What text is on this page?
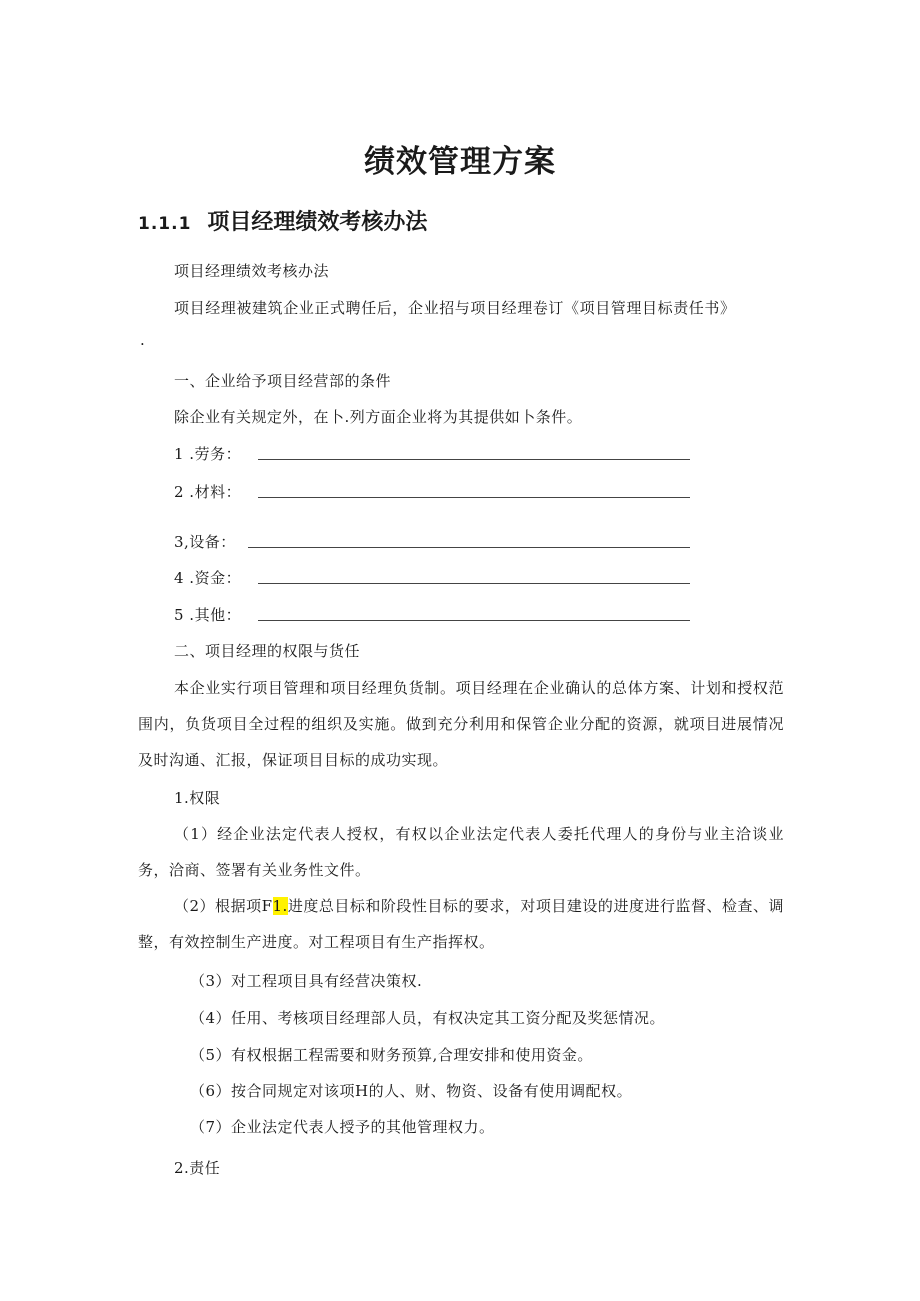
绩效管理方案
1.1.1 项目经理绩效考核办法
项目经理绩效考核办法
项目经理被建筑企业正式聘任后，企业招与项目经理卷订《项目管理目标责任书》
.
一、企业给予项目经营部的条件
除企业有关规定外，在卜.列方面企业将为其提供如卜条件。
1 .劳务：
2 .材料：
3,设备：
4 .资金：
5 .其他：
二、项目经理的权限与货任
本企业实行项目管理和项目经理负货制。项目经理在企业确认的总体方案、计划和授权范围内，负货项目全过程的组织及实施。做到充分利用和保管企业分配的资源，就项目进展情况及时沟通、汇报，保证项目目标的成功实现。
1.权限
（1）经企业法定代表人授权，有权以企业法定代表人委托代理人的身份与业主洽谈业务，洽商、签署有关业务性文件。
（2）根据项F1.进度总目标和阶段性目标的要求，对项目建设的进度进行监督、检查、调整，有效控制生产进度。对工程项目有生产指挥权。
（3）对工程项目具有经营决策权.
（4）任用、考核项目经理部人员，有权决定其工资分配及奖惩情况。
（5）有权根据工程需要和财务预算,合理安排和使用资金。
（6）按合同规定对该项H的人、财、物资、设备有使用调配权。
（7）企业法定代表人授予的其他管理权力。
2.责任
